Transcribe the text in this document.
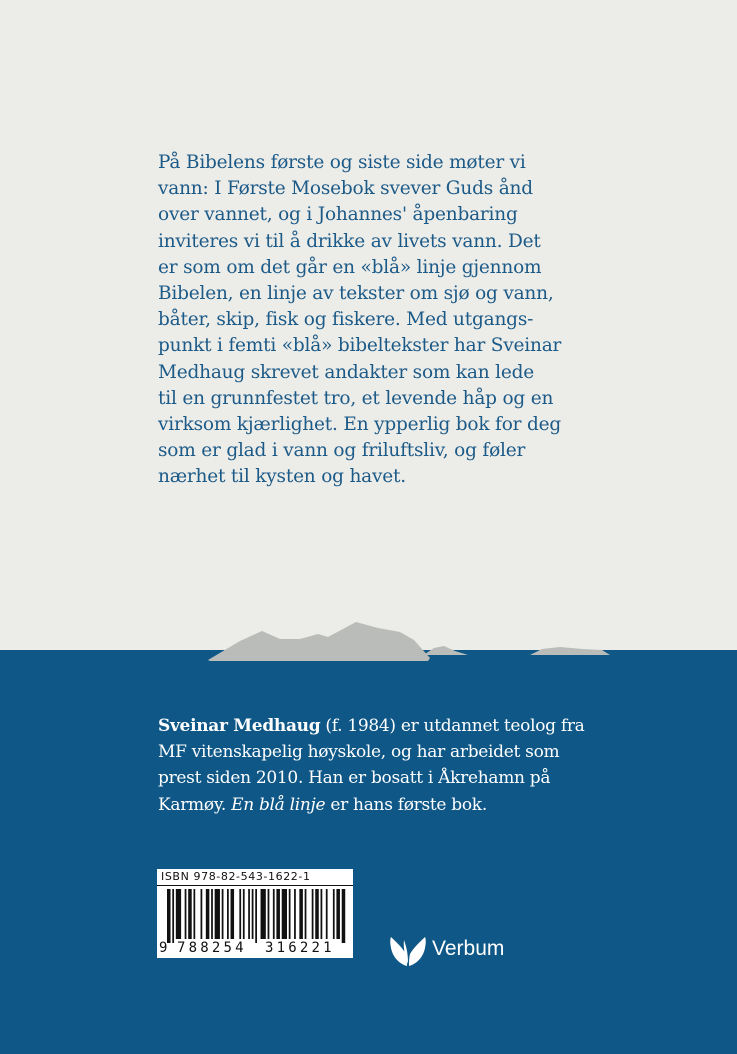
På Bibelens første og siste side møter vi
vann: I Første Mosebok svever Guds ånd
over vannet, og i Johannes' åpenbaring
inviteres vi til å drikke av livets vann. Det
er som om det går en «blå» linje gjennom
Bibelen, en linje av tekster om sjø og vann,
båter, skip, fisk og fiskere. Med utgangs-
punkt i femti «blå» bibeltekster har Sveinar
Medhaug skrevet andakter som kan lede
til en grunnfestet tro, et levende håp og en
virksom kjærlighet. En ypperlig bok for deg
som er glad i vann og friluftsliv, og føler
nærhet til kysten og havet.
Sveinar Medhaug (f. 1984) er utdannet teolog fra
MF vitenskapelig høyskole, og har arbeidet som
prest siden 2010. Han er bosatt i Åkrehamn på
Karmøy. En blå linje er hans første bok.
ISBN 978-82-543-1622-1
9 788254 316221	Verbum
